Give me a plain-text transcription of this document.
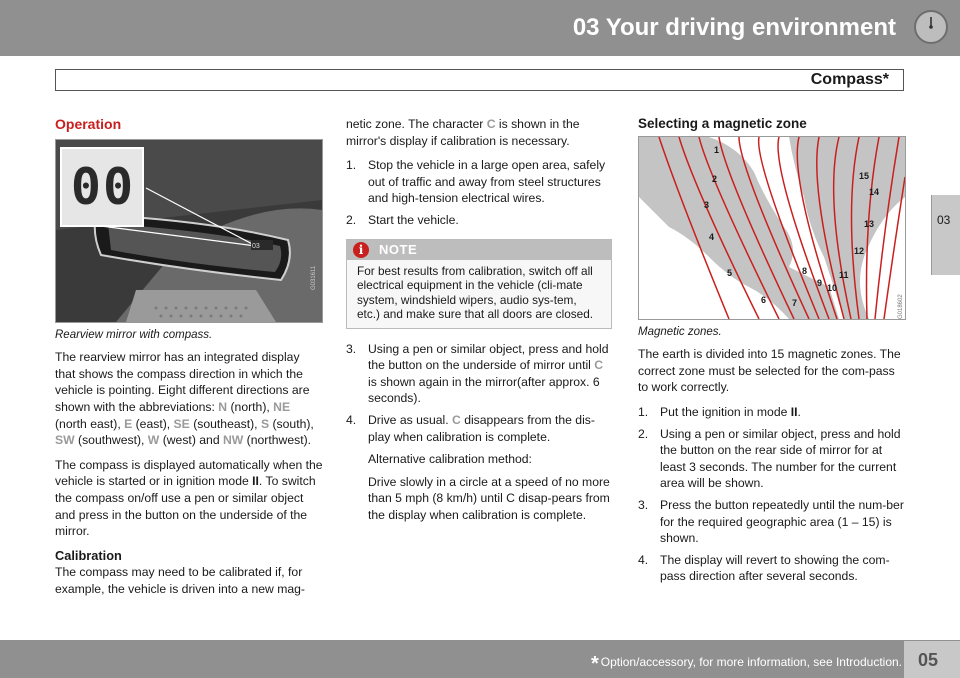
03 Your driving environment
Compass*
03
Operation
00
03
G031611
Rearview mirror with compass.

The rearview mirror has an integrated display that shows the compass direction in which the vehicle is pointing. Eight different directions are shown with the abbreviations: N (north), NE (north east), E (east), SE (southeast), S (south), SW (southwest), W (west) and NW (northwest).

The compass is displayed automatically when the vehicle is started or in ignition mode II. To switch the compass on/off use a pen or similar object and press in the button on the underside of the mirror.

Calibration
The compass may need to be calibrated if, for example, the vehicle is driven into a new mag-

netic zone. The character C is shown in the mirror's display if calibration is necessary.

1. Stop the vehicle in a large open area, safely out of traffic and away from steel structures and high-tension electrical wires.
2. Start the vehicle.
i	NOTE
For best results from calibration, switch off all electrical equipment in the vehicle (cli-mate system, windshield wipers, audio sys-tem, etc.) and make sure that all doors are closed.
3. Using a pen or similar object, press and hold the button on the underside of mirror until C is shown again in the mirror(after approx. 6 seconds).
4. Drive as usual. C disappears from the dis-play when calibration is complete.
Alternative calibration method:
Drive slowly in a circle at a speed of no more than 5 mph (8 km/h) until C disap-pears from the display when calibration is complete.
Selecting a magnetic zone
1
2
3
4
5
6	7
8
9 10
11
12
13
14
15
G018602
Magnetic zones.

The earth is divided into 15 magnetic zones. The correct zone must be selected for the com-pass to work correctly.

1. Put the ignition in mode II.
2. Using a pen or similar object, press and hold the button on the rear side of mirror for at least 3 seconds. The number for the current area will be shown.
3. Press the button repeatedly until the num-ber for the required geographic area (1 – 15) is shown.
4. The display will revert to showing the com-pass direction after several seconds.
* Option/accessory, for more information, see Introduction. 05
